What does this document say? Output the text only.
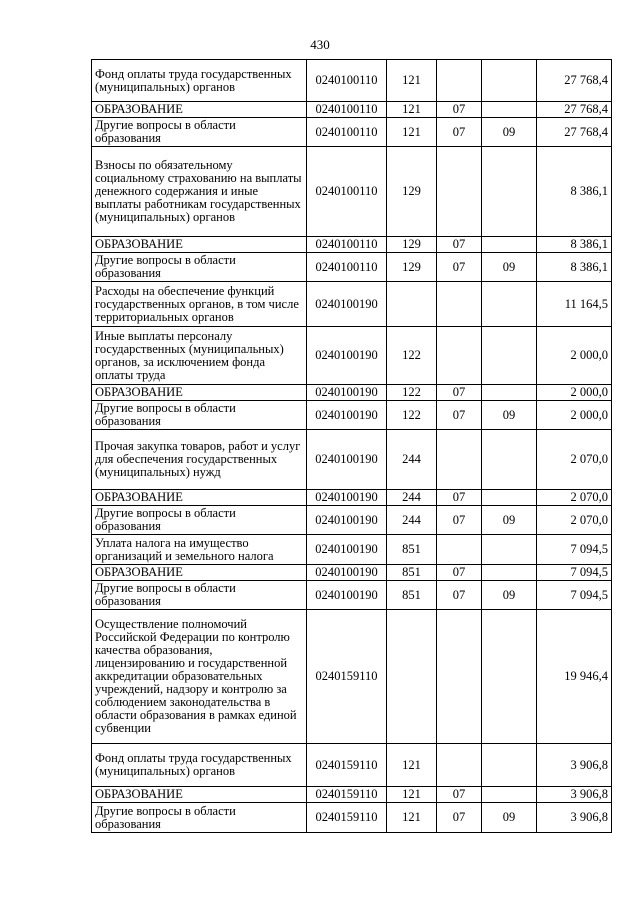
430
Фонд оплаты труда государственных (муниципальных) органов	0240100110	121			27 768,4
ОБРАЗОВАНИЕ	0240100110	121	07		27 768,4
Другие вопросы в области образования	0240100110	121	07	09	27 768,4
Взносы по обязательному социальному страхованию на выплаты денежного содержания и иные выплаты работникам государственных (муниципальных) органов	0240100110	129			8 386,1
ОБРАЗОВАНИЕ	0240100110	129	07		8 386,1
Другие вопросы в области образования	0240100110	129	07	09	8 386,1
Расходы на обеспечение функций государственных органов, в том числе территориальных органов	0240100190				11 164,5
Иные выплаты персоналу государственных (муниципальных) органов, за исключением фонда оплаты труда	0240100190	122			2 000,0
ОБРАЗОВАНИЕ	0240100190	122	07		2 000,0
Другие вопросы в области образования	0240100190	122	07	09	2 000,0
Прочая закупка товаров, работ и услуг для обеспечения государственных (муниципальных) нужд	0240100190	244			2 070,0
ОБРАЗОВАНИЕ	0240100190	244	07		2 070,0
Другие вопросы в области образования	0240100190	244	07	09	2 070,0
Уплата налога на имущество организаций и земельного налога	0240100190	851			7 094,5
ОБРАЗОВАНИЕ	0240100190	851	07		7 094,5
Другие вопросы в области образования	0240100190	851	07	09	7 094,5
Осуществление полномочий Российской Федерации по контролю качества образования, лицензированию и государственной аккредитации образовательных учреждений, надзору и контролю за соблюдением законодательства в области образования в рамках единой субвенции	0240159110				19 946,4
Фонд оплаты труда государственных (муниципальных) органов	0240159110	121			3 906,8
ОБРАЗОВАНИЕ	0240159110	121	07		3 906,8
Другие вопросы в области образования	0240159110	121	07	09	3 906,8
